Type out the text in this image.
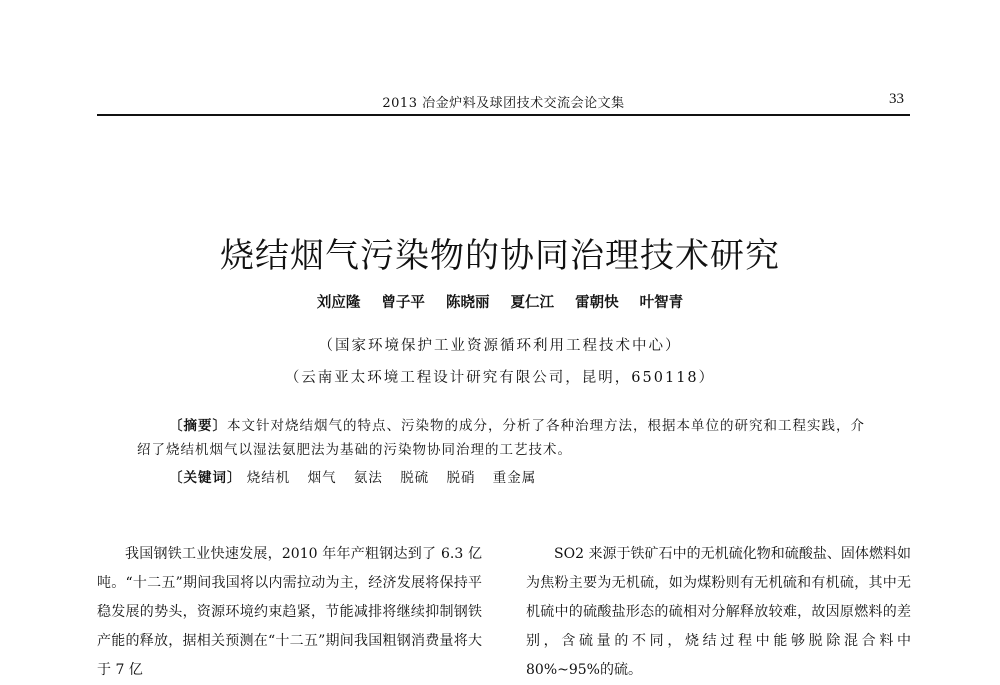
2013 冶金炉料及球团技术交流会论文集	33
烧结烟气污染物的协同治理技术研究
刘应隆 曾子平 陈晓丽 夏仁江 雷朝快 叶智青
（国家环境保护工业资源循环利用工程技术中心）
（云南亚太环境工程设计研究有限公司，昆明，650118）

〔摘要〕本文针对烧结烟气的特点、污染物的成分，分析了各种治理方法，根据本单位的研究和工程实践，介绍了烧结机烟气以湿法氨肥法为基础的污染物协同治理的工艺技术。

〔关键词〕 烧结机 烟气 氨法 脱硫 脱硝 重金属

我国钢铁工业快速发展，2010 年年产粗钢达到了 6.3 亿吨。“十二五”期间我国将以内需拉动为主，经济发展将保持平稳发展的势头，资源环境约束趋紧，节能减排将继续抑制钢铁产能的释放，据相关预测在“十二五”期间我国粗钢消费量将大于 7 亿

SO2 来源于铁矿石中的无机硫化物和硫酸盐、固体燃料如为焦粉主要为无机硫，如为煤粉则有无机硫和有机硫，其中无机硫中的硫酸盐形态的硫相对分解释放较难，故因原燃料的差别，含硫量的不同，烧结过程中能够脱除混合料中 80%~95%的硫。
